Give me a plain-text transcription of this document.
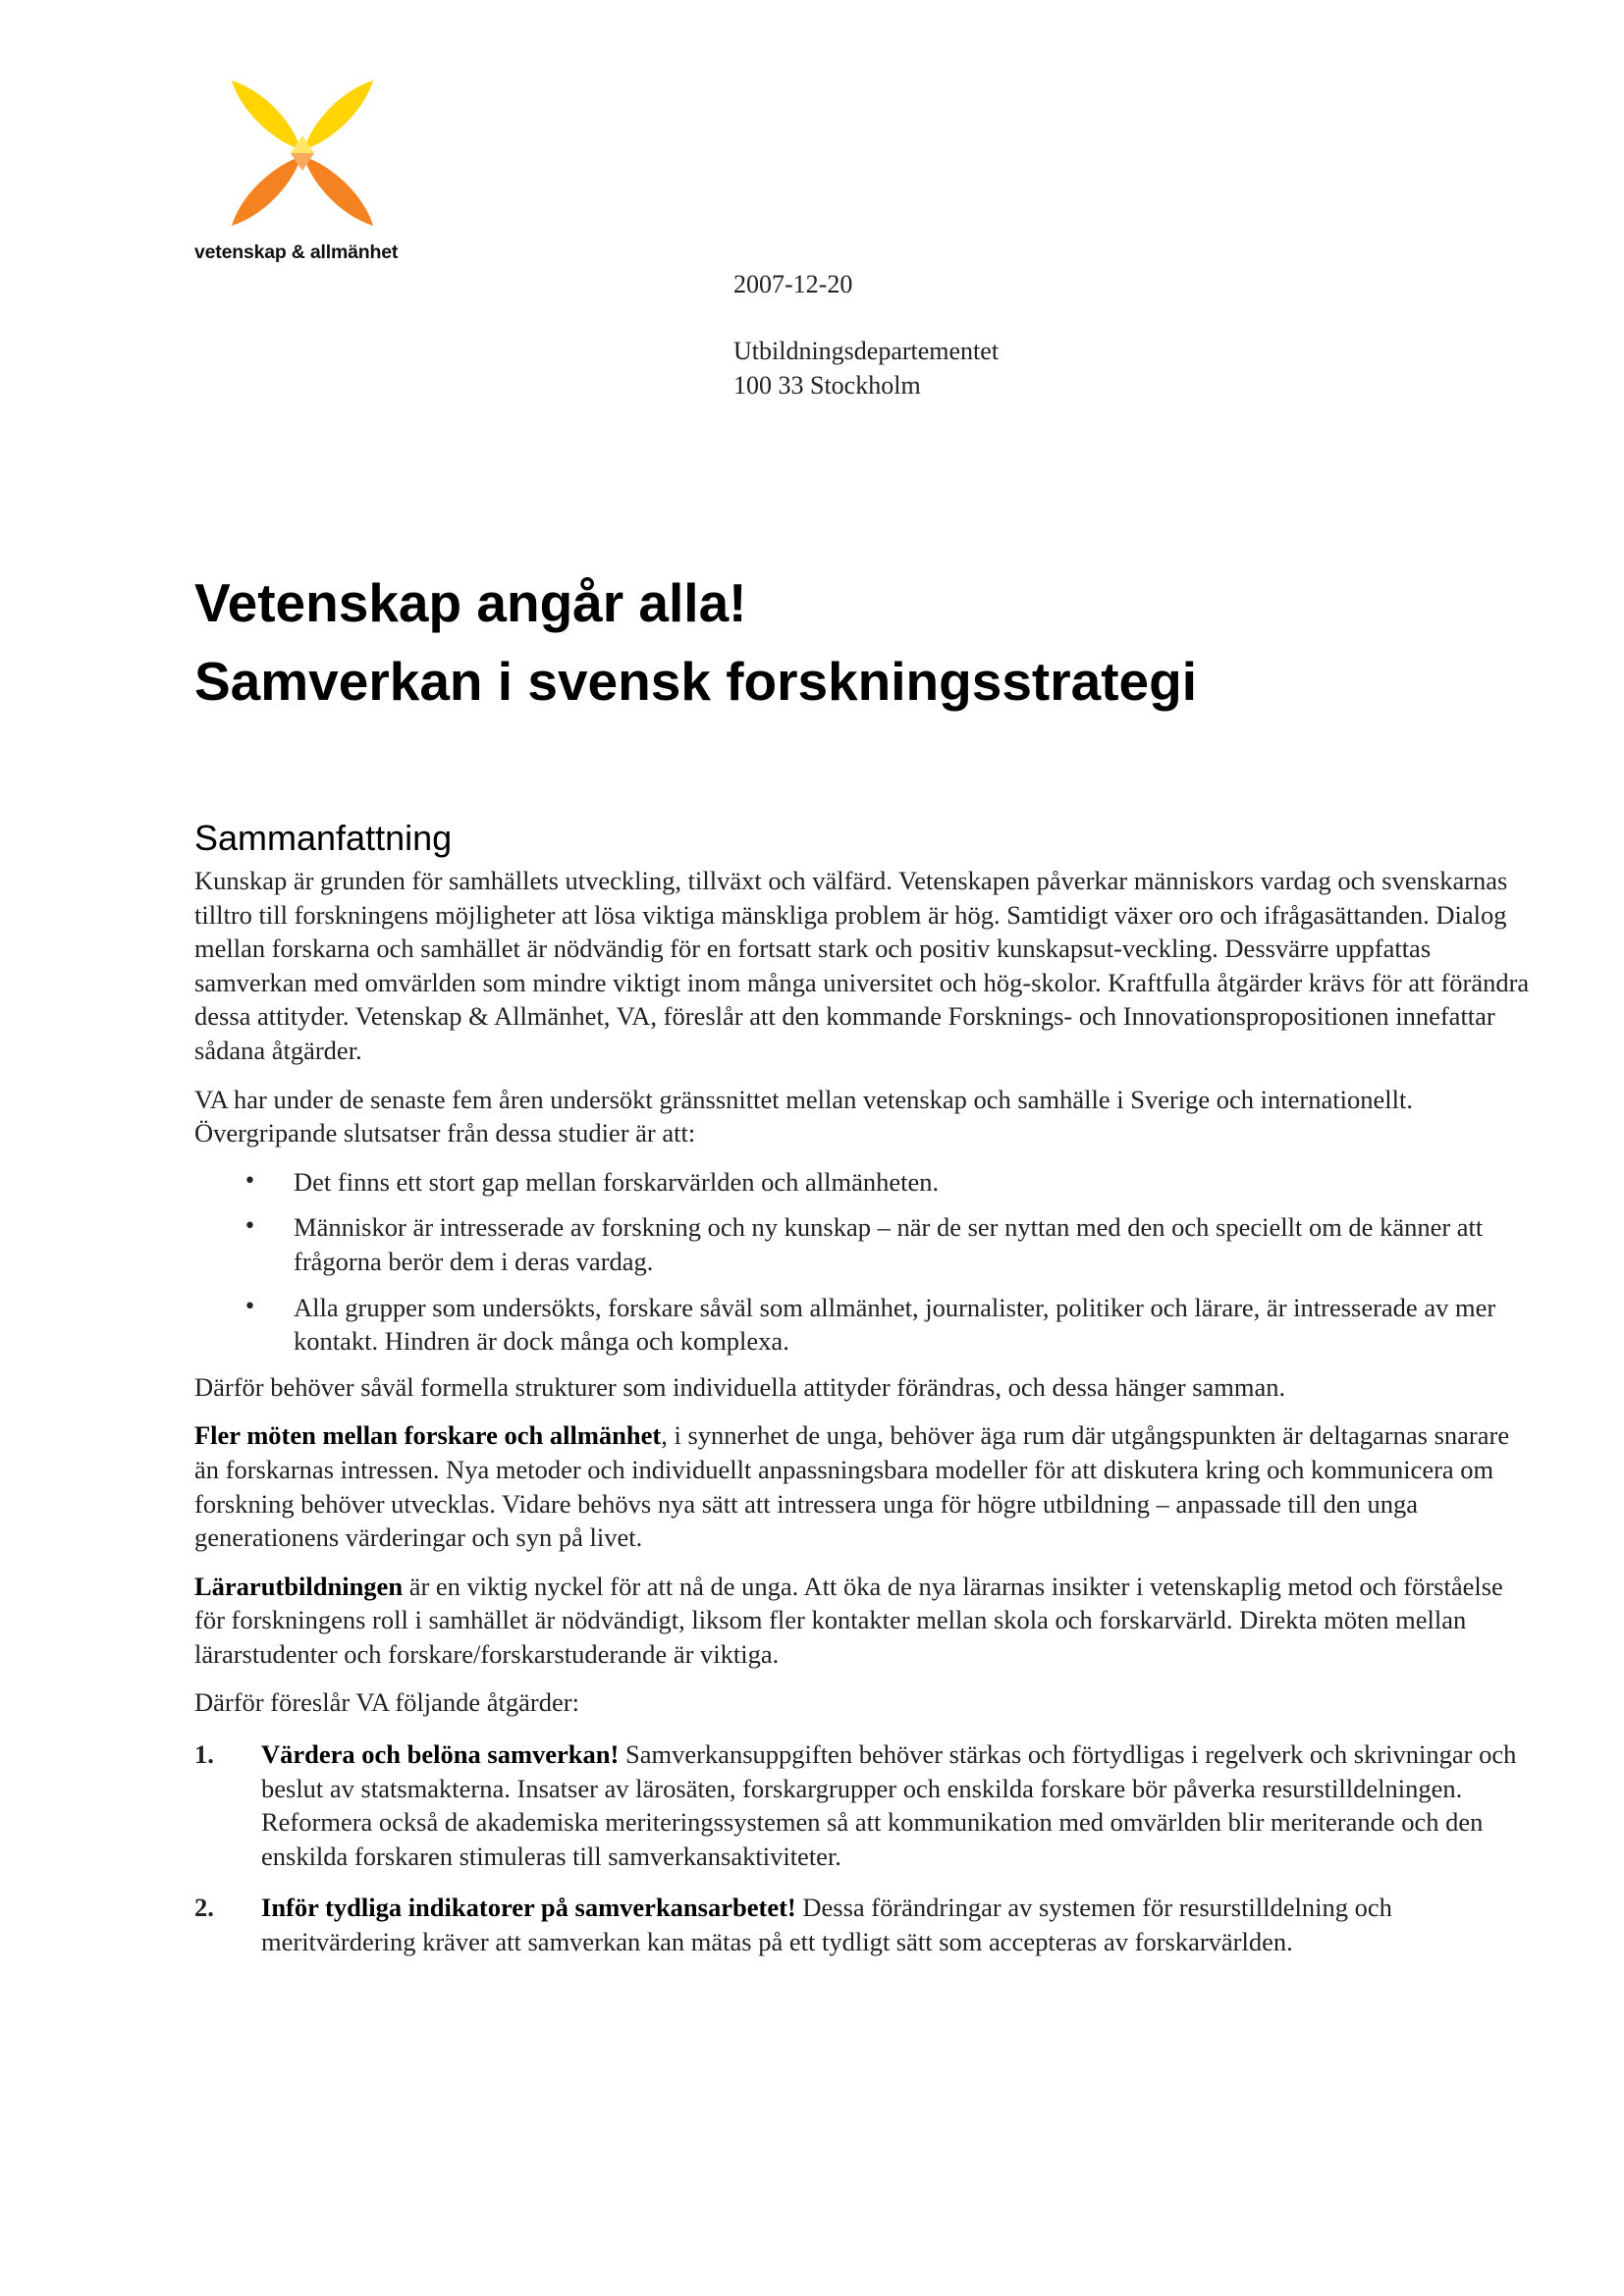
vetenskap & allmänhet
2007-12-20
Utbildningsdepartementet
100 33 Stockholm
Vetenskap angår alla!
Samverkan i svensk forskningsstrategi
Sammanfattning

Kunskap är grunden för samhällets utveckling, tillväxt och välfärd. Vetenskapen påverkar människors vardag och svenskarnas tilltro till forskningens möjligheter att lösa viktiga mänskliga problem är hög. Samtidigt växer oro och ifrågasättanden. Dialog mellan forskarna och samhället är nödvändig för en fortsatt stark och positiv kunskapsut-veckling. Dessvärre uppfattas samverkan med omvärlden som mindre viktigt inom många universitet och hög-skolor. Kraftfulla åtgärder krävs för att förändra dessa attityder. Vetenskap & Allmänhet, VA, föreslår att den kommande Forsknings- och Innovationspropositionen innefattar sådana åtgärder.

VA har under de senaste fem åren undersökt gränssnittet mellan vetenskap och samhälle i Sverige och internationellt. Övergripande slutsatser från dessa studier är att:

• Det finns ett stort gap mellan forskarvärlden och allmänheten.
• Människor är intresserade av forskning och ny kunskap – när de ser nyttan med den och speciellt om de känner att frågorna berör dem i deras vardag.
• Alla grupper som undersökts, forskare såväl som allmänhet, journalister, politiker och lärare, är intresserade av mer kontakt. Hindren är dock många och komplexa.

Därför behöver såväl formella strukturer som individuella attityder förändras, och dessa hänger samman.

Fler möten mellan forskare och allmänhet, i synnerhet de unga, behöver äga rum där utgångspunkten är deltagarnas snarare än forskarnas intressen. Nya metoder och individuellt anpassningsbara modeller för att diskutera kring och kommunicera om forskning behöver utvecklas. Vidare behövs nya sätt att intressera unga för högre utbildning – anpassade till den unga generationens värderingar och syn på livet.

Lärarutbildningen är en viktig nyckel för att nå de unga. Att öka de nya lärarnas insikter i vetenskaplig metod och förståelse för forskningens roll i samhället är nödvändigt, liksom fler kontakter mellan skola och forskarvärld. Direkta möten mellan lärarstudenter och forskare/forskarstuderande är viktiga.

Därför föreslår VA följande åtgärder:

1. Värdera och belöna samverkan! Samverkansuppgiften behöver stärkas och förtydligas i regelverk och skrivningar och beslut av statsmakterna. Insatser av lärosäten, forskargrupper och enskilda forskare bör påverka resurstilldelningen. Reformera också de akademiska meriteringssystemen så att kommunikation med omvärlden blir meriterande och den enskilda forskaren stimuleras till samverkansaktiviteter.
2. Inför tydliga indikatorer på samverkansarbetet! Dessa förändringar av systemen för resurstilldelning och meritvärdering kräver att samverkan kan mätas på ett tydligt sätt som accepteras av forskarvärlden.
